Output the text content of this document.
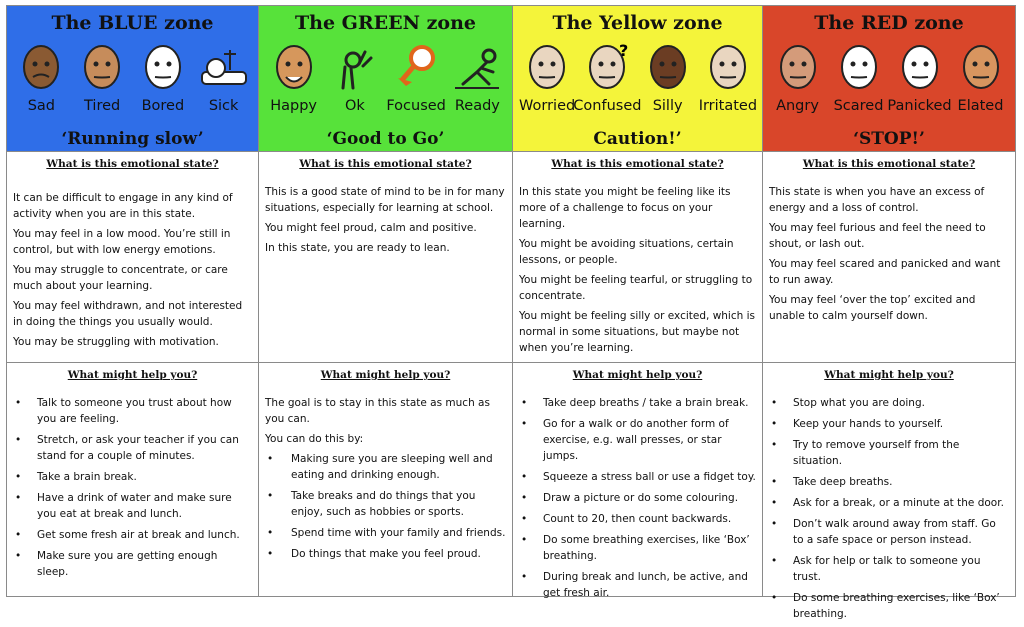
The BLUE zone
Sad Tired Bored Sick
‘Running slow’
What is this emotional state?

It can be difficult to engage in any kind of activity when you are in this state.

You may feel in a low mood. You’re still in control, but with low energy emotions.

You may struggle to concentrate, or care much about your learning.

You may feel withdrawn, and not interested in doing the things you usually would.

You may be struggling with motivation.

What might help you?
• Talk to someone you trust about how you are feeling.
• Stretch, or ask your teacher if you can stand for a couple of minutes.
• Take a brain break.
• Have a drink of water and make sure you eat at break and lunch.
• Get some fresh air at break and lunch.
• Make sure you are getting enough sleep.
The GREEN zone
Happy Ok Focused Ready
‘Good to Go’
What is this emotional state?

This is a good state of mind to be in for many situations, especially for learning at school.

You might feel proud, calm and positive.

In this state, you are ready to lean.

What might help you?

The goal is to stay in this state as much as you can.

You can do this by:

• Making sure you are sleeping well and eating and drinking enough.
• Take breaks and do things that you enjoy, such as hobbies or sports.
• Spend time with your family and friends.
• Do things that make you feel proud.
The Yellow zone
Worried
?
Confused Silly Irritated
Caution!’
What is this emotional state?

In this state you might be feeling like its more of a challenge to focus on your learning.

You might be avoiding situations, certain lessons, or people.

You might be feeling tearful, or struggling to concentrate.

You might be feeling silly or excited, which is normal in some situations, but maybe not when you’re learning.

What might help you?
• Take deep breaths / take a brain break.
• Go for a walk or do another form of exercise, e.g. wall presses, or star jumps.
• Squeeze a stress ball or use a fidget toy.
• Draw a picture or do some colouring.
• Count to 20, then count backwards.
• Do some breathing exercises, like ‘Box’ breathing.
• During break and lunch, be active, and get fresh air.
The RED zone
Angry Scared Panicked Elated
‘STOP!’
What is this emotional state?

This state is when you have an excess of energy and a loss of control.

You may feel furious and feel the need to shout, or lash out.

You may feel scared and panicked and want to run away.

You may feel ‘over the top’ excited and unable to calm yourself down.

What might help you?
• Stop what you are doing.
• Keep your hands to yourself.
• Try to remove yourself from the situation.
• Take deep breaths.
• Ask for a break, or a minute at the door.
• Don’t walk around away from staff. Go to a safe space or person instead.
• Ask for help or talk to someone you trust.
• Do some breathing exercises, like ‘Box’ breathing.
